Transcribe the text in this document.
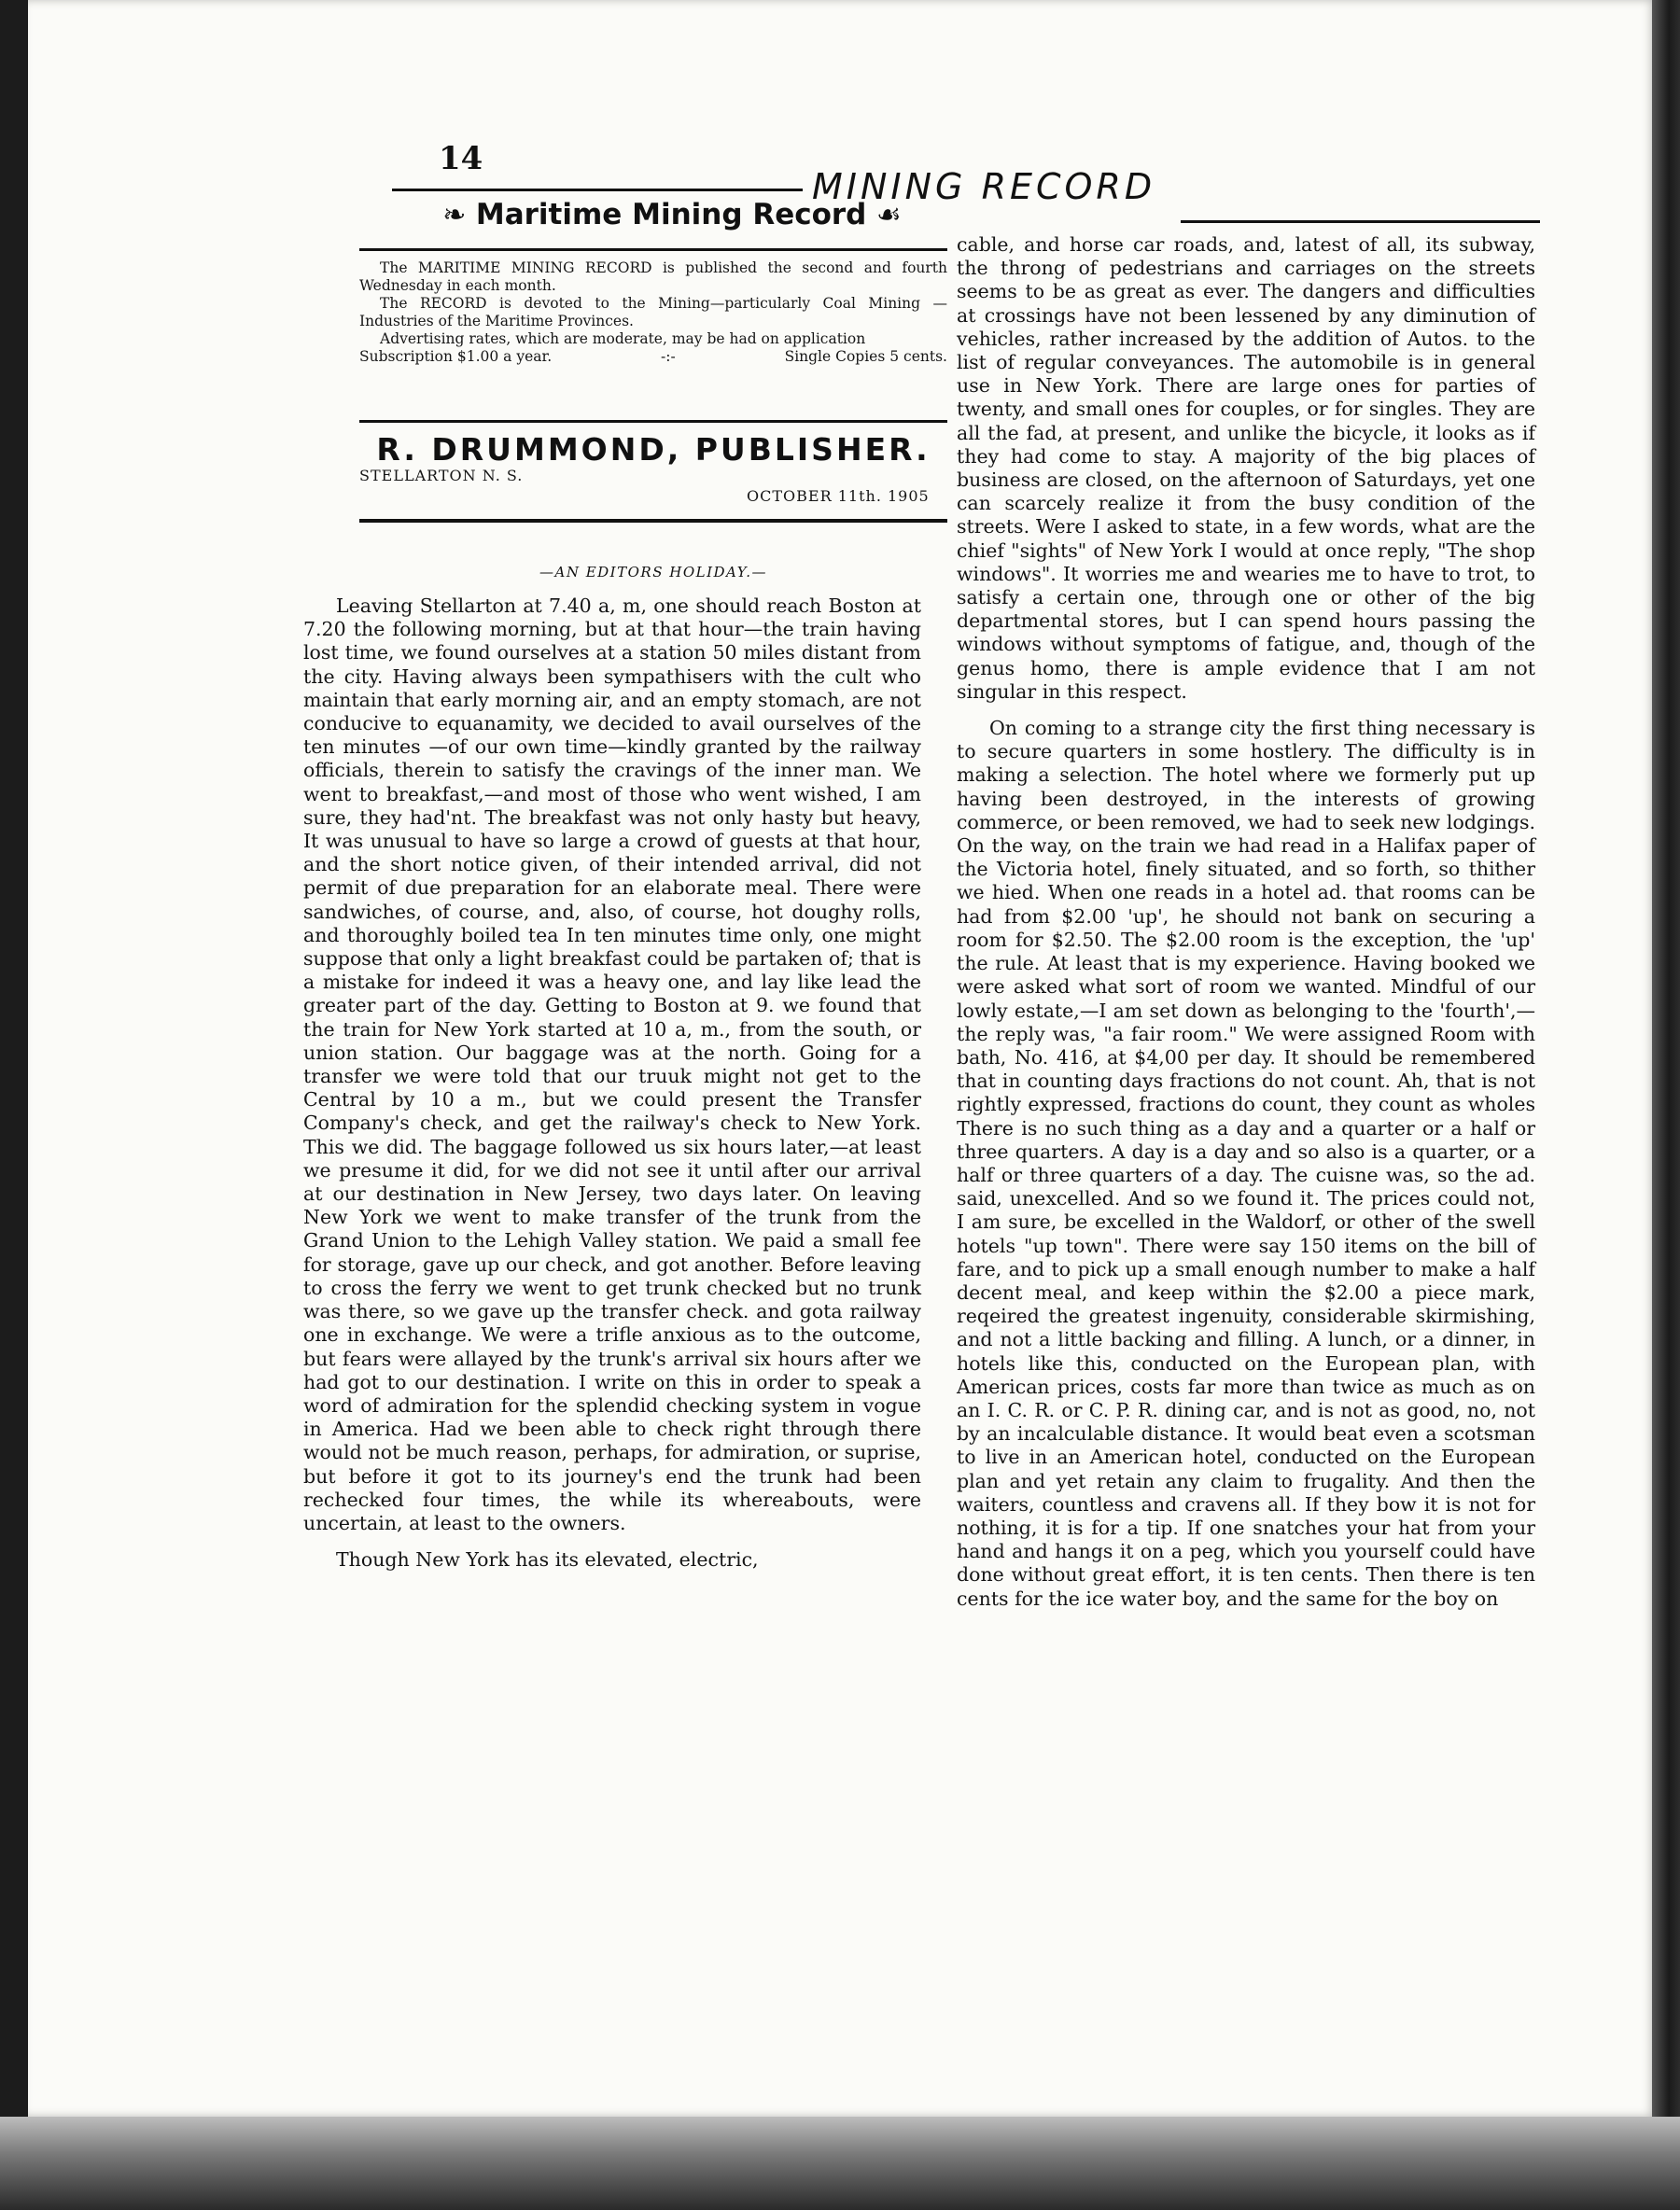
14
MINING RECORD
❧ Maritime Mining Record ☙

The MARITIME MINING RECORD is published the second and fourth Wednesday in each month.

The RECORD is devoted to the Mining—particularly Coal Mining —Industries of the Maritime Provinces.

Advertising rates, which are moderate, may be had on application

Subscription $1.00 a year.	-:-	Single Copies 5 cents.

R. DRUMMOND, PUBLISHER.
STELLARTON N. S.
OCTOBER 11th. 1905
—AN EDITORS HOLIDAY.—

Leaving Stellarton at 7.40 a, m, one should reach Boston at 7.20 the following morning, but at that hour—the train having lost time, we found ourselves at a station 50 miles distant from the city. Having always been sympathisers with the cult who maintain that early morning air, and an empty stomach, are not conducive to equanamity, we decided to avail ourselves of the ten minutes —of our own time—kindly granted by the railway officials, therein to satisfy the cravings of the inner man. We went to breakfast,—and most of those who went wished, I am sure, they had'nt. The breakfast was not only hasty but heavy, It was unusual to have so large a crowd of guests at that hour, and the short notice given, of their intended arrival, did not permit of due preparation for an elaborate meal. There were sandwiches, of course, and, also, of course, hot doughy rolls, and thoroughly boiled tea In ten minutes time only, one might suppose that only a light breakfast could be partaken of; that is a mistake for indeed it was a heavy one, and lay like lead the greater part of the day. Getting to Boston at 9. we found that the train for New York started at 10 a, m., from the south, or union station. Our baggage was at the north. Going for a transfer we were told that our truuk might not get to the Central by 10 a m., but we could present the Transfer Company's check, and get the railway's check to New York. This we did. The baggage followed us six hours later,—at least we presume it did, for we did not see it until after our arrival at our destination in New Jersey, two days later. On leaving New York we went to make transfer of the trunk from the Grand Union to the Lehigh Valley station. We paid a small fee for storage, gave up our check, and got another. Before leaving to cross the ferry we went to get trunk checked but no trunk was there, so we gave up the transfer check. and gota railway one in exchange. We were a trifle anxious as to the outcome, but fears were allayed by the trunk's arrival six hours after we had got to our destination. I write on this in order to speak a word of admiration for the splendid checking system in vogue in America. Had we been able to check right through there would not be much reason, perhaps, for admiration, or suprise, but before it got to its journey's end the trunk had been rechecked four times, the while its whereabouts, were uncertain, at least to the owners.

Though New York has its elevated, electric,

cable, and horse car roads, and, latest of all, its subway, the throng of pedestrians and carriages on the streets seems to be as great as ever. The dangers and difficulties at crossings have not been lessened by any diminution of vehicles, rather increased by the addition of Autos. to the list of regular conveyances. The automobile is in general use in New York. There are large ones for parties of twenty, and small ones for couples, or for singles. They are all the fad, at present, and unlike the bicycle, it looks as if they had come to stay. A majority of the big places of business are closed, on the afternoon of Saturdays, yet one can scarcely realize it from the busy condition of the streets. Were I asked to state, in a few words, what are the chief "sights" of New York I would at once reply, "The shop windows". It worries me and wearies me to have to trot, to satisfy a certain one, through one or other of the big departmental stores, but I can spend hours passing the windows without symptoms of fatigue, and, though of the genus homo, there is ample evidence that I am not singular in this respect.

On coming to a strange city the first thing necessary is to secure quarters in some hostlery. The difficulty is in making a selection. The hotel where we formerly put up having been destroyed, in the interests of growing commerce, or been removed, we had to seek new lodgings. On the way, on the train we had read in a Halifax paper of the Victoria hotel, finely situated, and so forth, so thither we hied. When one reads in a hotel ad. that rooms can be had from $2.00 'up', he should not bank on securing a room for $2.50. The $2.00 room is the exception, the 'up' the rule. At least that is my experience. Having booked we were asked what sort of room we wanted. Mindful of our lowly estate,—I am set down as belonging to the 'fourth',—the reply was, "a fair room." We were assigned Room with bath, No. 416, at $4,00 per day. It should be remembered that in counting days fractions do not count. Ah, that is not rightly expressed, fractions do count, they count as wholes There is no such thing as a day and a quarter or a half or three quarters. A day is a day and so also is a quarter, or a half or three quarters of a day. The cuisne was, so the ad. said, unexcelled. And so we found it. The prices could not, I am sure, be excelled in the Waldorf, or other of the swell hotels "up town". There were say 150 items on the bill of fare, and to pick up a small enough number to make a half decent meal, and keep within the $2.00 a piece mark, reqeired the greatest ingenuity, considerable skirmishing, and not a little backing and filling. A lunch, or a dinner, in hotels like this, conducted on the European plan, with American prices, costs far more than twice as much as on an I. C. R. or C. P. R. dining car, and is not as good, no, not by an incalculable distance. It would beat even a scotsman to live in an American hotel, conducted on the European plan and yet retain any claim to frugality. And then the waiters, countless and cravens all. If they bow it is not for nothing, it is for a tip. If one snatches your hat from your hand and hangs it on a peg, which you yourself could have done without great effort, it is ten cents. Then there is ten cents for the ice water boy, and the same for the boy on
